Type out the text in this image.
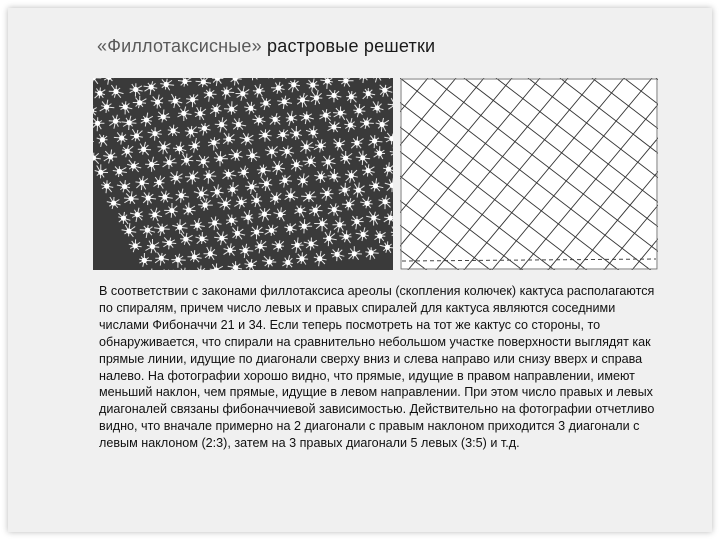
«Филлотаксисные» растровые решетки

В соответствии с законами филлотаксиса ареолы (скопления колючек) кактуса располагаются по спиралям, причем число левых и правых спиралей для кактуса являются соседними числами Фибоначчи 21 и 34. Если теперь посмотреть на тот же кактус со стороны, то обнаруживается, что спирали на сравнительно небольшом участке поверхности выглядят как прямые линии, идущие по диагонали сверху вниз и слева направо или снизу вверх и справа налево. На фотографии хорошо видно, что прямые, идущие в правом направлении, имеют меньший наклон, чем прямые, идущие в левом направлении. При этом число правых и левых диагоналей связаны фибоначчиевой зависимостью. Действительно на фотографии отчетливо видно, что вначале примерно на 2 диагонали с правым наклоном приходится 3 диагонали с левым наклоном (2:3), затем на 3 правых диагонали 5 левых (3:5) и т.д.
